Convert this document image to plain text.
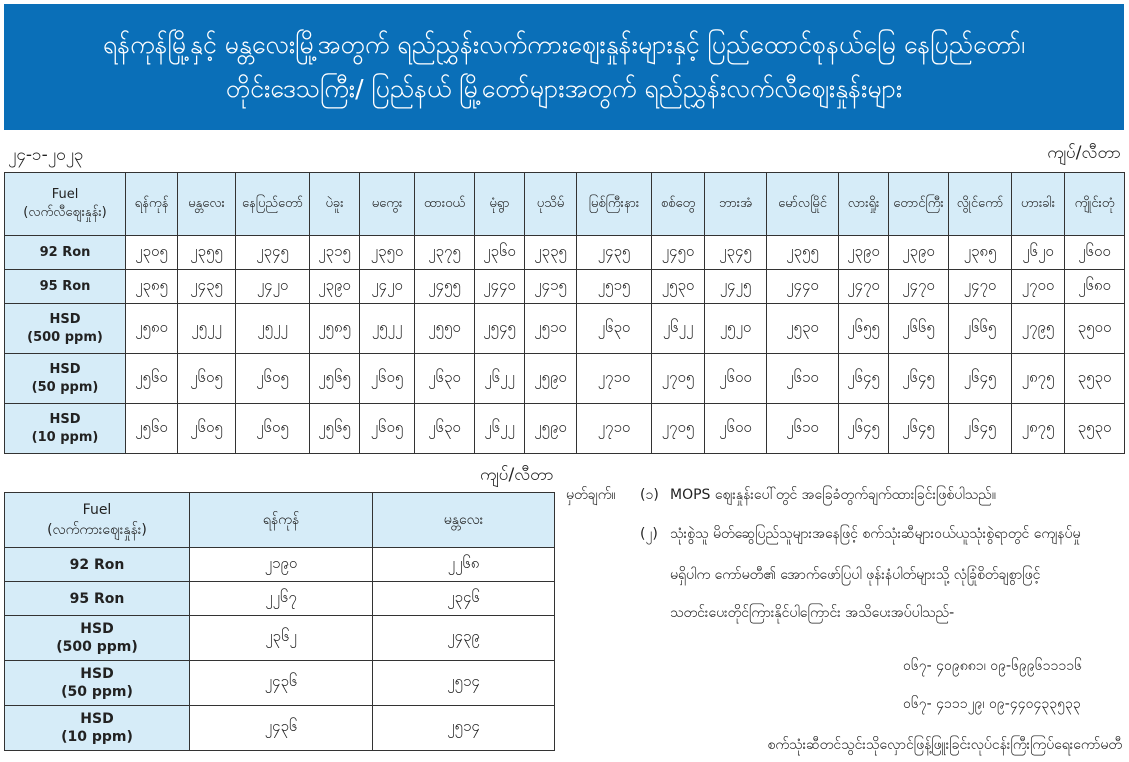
ရန်ကုန်မြို့နှင့် မန္တလေးမြို့အတွက် ရည်ညွှန်းလက်ကားဈေးနှုန်းများနှင့် ပြည်ထောင်စုနယ်မြေ နေပြည်တော်၊
တိုင်းဒေသကြီး/ ပြည်နယ် မြို့တော်များအတွက် ရည်ညွှန်းလက်လီဈေးနှုန်းများ
၂၄-၁-၂၀၂၃	ကျပ်/လီတာ
Fuel
(လက်လီဈေးနှုန်း)	ရန်ကုန်	မန္တလေး	နေပြည်တော်	ပဲခူး	မကွေး	ထားဝယ်	မုံရွာ	ပုသိမ်	မြစ်ကြီးနား	စစ်တွေ	ဘားအံ	မော်လမြိုင်	လားရှိုး	တောင်ကြီး	လွိုင်ကော်	ဟားခါး	ကျိုင်းတုံ

92 Ron	၂၃၀၅	၂၃၅၅	၂၃၄၅	၂၃၁၅	၂၃၅၀	၂၃၇၅	၂၃၆၀	၂၃၃၅	၂၄၃၅	၂၄၅၀	၂၃၄၅	၂၃၅၅	၂၃၉၀	၂၃၉၀	၂၃၈၅	၂၆၂၀	၂၆၀၀

95 Ron	၂၃၈၅	၂၄၃၅	၂၄၂၀	၂၃၉၀	၂၄၂၀	၂၄၅၅	၂၄၄၀	၂၄၁၅	၂၅၁၅	၂၅၃၀	၂၄၂၅	၂၄၄၀	၂၄၇၀	၂၄၇၀	၂၄၇၀	၂၇၀၀	၂၆၈၀

HSD
(500 ppm)	၂၅၈၀	၂၅၂၂	၂၅၂၂	၂၅၈၅	၂၅၂၂	၂၅၅၀	၂၅၄၅	၂၅၁၀	၂၆၃၀	၂၆၂၂	၂၅၂၀	၂၅၃၀	၂၆၅၅	၂၆၆၅	၂၆၆၅	၂၇၉၅	၃၅၀၀

HSD
(50 ppm)	၂၅၆၀	၂၆၀၅	၂၆၀၅	၂၅၆၅	၂၆၀၅	၂၆၃၀	၂၆၂၂	၂၅၉၀	၂၇၁၀	၂၇၀၅	၂၆၀၀	၂၆၁၀	၂၆၄၅	၂၆၄၅	၂၆၄၅	၂၈၇၅	၃၅၃၀

HSD
(10 ppm)	၂၅၆၀	၂၆၀၅	၂၆၀၅	၂၅၆၅	၂၆၀၅	၂၆၃၀	၂၆၂၂	၂၅၉၀	၂၇၁၀	၂၇၀၅	၂၆၀၀	၂၆၁၀	၂၆၄၅	၂၆၄၅	၂၆၄၅	၂၈၇၅	၃၅၃၀
ကျပ်/လီတာ
Fuel
(လက်ကားဈေးနှုန်း)	ရန်ကုန်	မန္တလေး

92 Ron	၂၁၉၀	၂၂၆၈

95 Ron	၂၂၆၇	၂၃၄၆

HSD
(500 ppm)	၂၃၆၂	၂၄၃၉

HSD
(50 ppm)	၂၄၃၆	၂၅၁၄

HSD
(10 ppm)	၂၄၃၆	၂၅၁၄
မှတ်ချက်။ (၁) MOPS ဈေးနှုန်းပေါ်တွင် အခြေခံတွက်ချက်ထားခြင်းဖြစ်ပါသည်။
(၂) သုံးစွဲသူ မိတ်ဆွေပြည်သူများအနေဖြင့် စက်သုံးဆီများဝယ်ယူသုံးစွဲရာတွင် ကျေနပ်မှု
မရှိပါက ကော်မတီ၏ အောက်ဖော်ပြပါ ဖုန်းနံပါတ်များသို့ လုံခြုံစိတ်ချစွာဖြင့်
သတင်းပေးတိုင်ကြားနိုင်ပါကြောင်း အသိပေးအပ်ပါသည်-
၀၆၇- ၄၀၉၈၈၁၊ ၀၉-၆၉၉၆၁၁၁၁၆
၀၆၇- ၄၁၁၁၂၉၊ ၀၉-၄၄၀၄၃၃၅၃၃
စက်သုံးဆီတင်သွင်းသိုလှောင်ဖြန့်ဖြူးခြင်းလုပ်ငန်းကြီးကြပ်ရေးကော်မတီ
